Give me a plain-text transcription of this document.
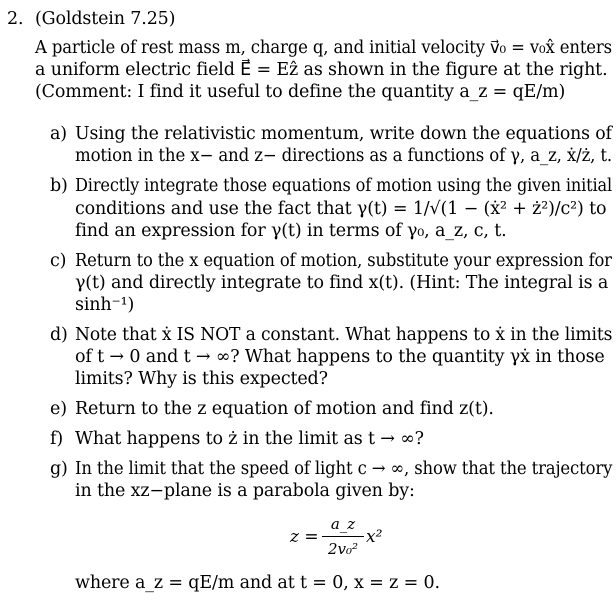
2. (Goldstein 7.25)
A particle of rest mass m, charge q, and initial velocity v⃗₀ = v₀x̂ enters
a uniform electric field E⃗ = Eẑ as shown in the figure at the right.
(Comment: I find it useful to define the quantity a_z = qE/m)
a) Using the relativistic momentum, write down the equations of
motion in the x− and z− directions as a functions of γ, a_z, ẋ/ż, t.
b) Directly integrate those equations of motion using the given initial
conditions and use the fact that γ(t) = 1/√(1 − (ẋ² + ż²)/c²) to
find an expression for γ(t) in terms of γ₀, a_z, c, t.
c) Return to the x equation of motion, substitute your expression for
γ(t) and directly integrate to find x(t). (Hint: The integral is a
sinh⁻¹)
d) Note that ẋ IS NOT a constant. What happens to ẋ in the limits
of t → 0 and t → ∞? What happens to the quantity γẋ in those
limits? Why is this expected?
e) Return to the z equation of motion and find z(t).
f) What happens to ż in the limit as t → ∞?
g) In the limit that the speed of light c → ∞, show that the trajectory
in the xz−plane is a parabola given by:
z =
a_z
2v₀²
x²
where a_z = qE/m and at t = 0, x = z = 0.
